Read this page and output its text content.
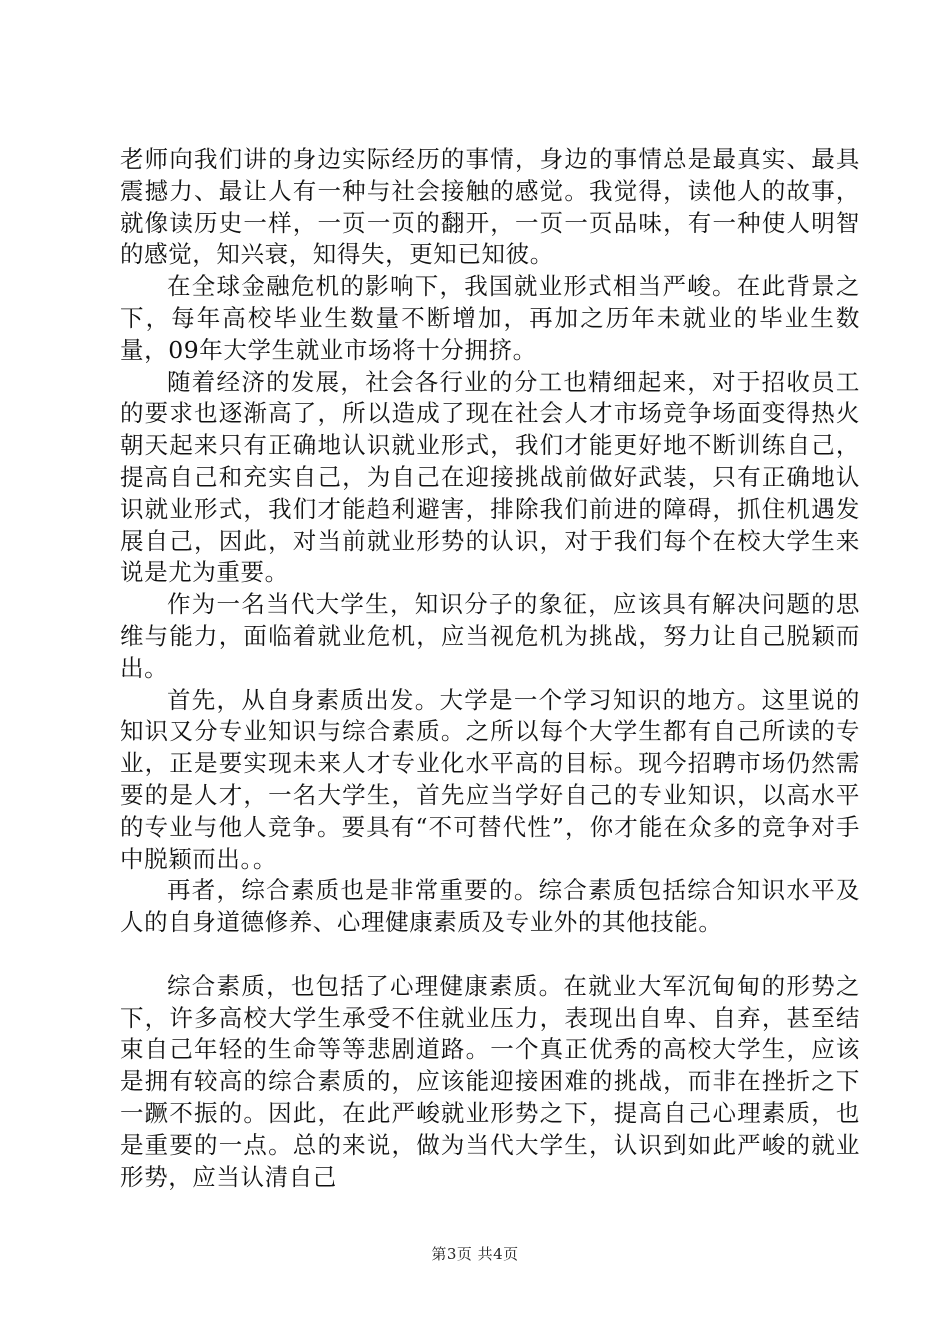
老师向我们讲的身边实际经历的事情，身边的事情总是最真实、最具震撼力、最让人有一种与社会接触的感觉。我觉得，读他人的故事，就像读历史一样，一页一页的翻开，一页一页品味，有一种使人明智的感觉，知兴衰，知得失，更知已知彼。

在全球金融危机的影响下，我国就业形式相当严峻。在此背景之下，每年高校毕业生数量不断增加，再加之历年未就业的毕业生数量，09年大学生就业市场将十分拥挤。

随着经济的发展，社会各行业的分工也精细起来，对于招收员工的要求也逐渐高了，所以造成了现在社会人才市场竞争场面变得热火朝天起来只有正确地认识就业形式，我们才能更好地不断训练自己，提高自己和充实自己，为自己在迎接挑战前做好武装，只有正确地认识就业形式，我们才能趋利避害，排除我们前进的障碍，抓住机遇发展自己，因此，对当前就业形势的认识，对于我们每个在校大学生来说是尤为重要。

作为一名当代大学生，知识分子的象征，应该具有解决问题的思维与能力，面临着就业危机，应当视危机为挑战，努力让自己脱颖而出。

首先，从自身素质出发。大学是一个学习知识的地方。这里说的知识又分专业知识与综合素质。之所以每个大学生都有自己所读的专业，正是要实现未来人才专业化水平高的目标。现今招聘市场仍然需要的是人才，一名大学生，首先应当学好自己的专业知识，以高水平的专业与他人竞争。要具有“不可替代性”，你才能在众多的竞争对手中脱颖而出。。

再者，综合素质也是非常重要的。综合素质包括综合知识水平及人的自身道德修养、心理健康素质及专业外的其他技能。

综合素质，也包括了心理健康素质。在就业大军沉甸甸的形势之下，许多高校大学生承受不住就业压力，表现出自卑、自弃，甚至结束自己年轻的生命等等悲剧道路。一个真正优秀的高校大学生，应该是拥有较高的综合素质的，应该能迎接困难的挑战，而非在挫折之下一蹶不振的。因此，在此严峻就业形势之下，提高自己心理素质，也是重要的一点。总的来说，做为当代大学生，认识到如此严峻的就业形势，应当认清自己

第3页 共4页
